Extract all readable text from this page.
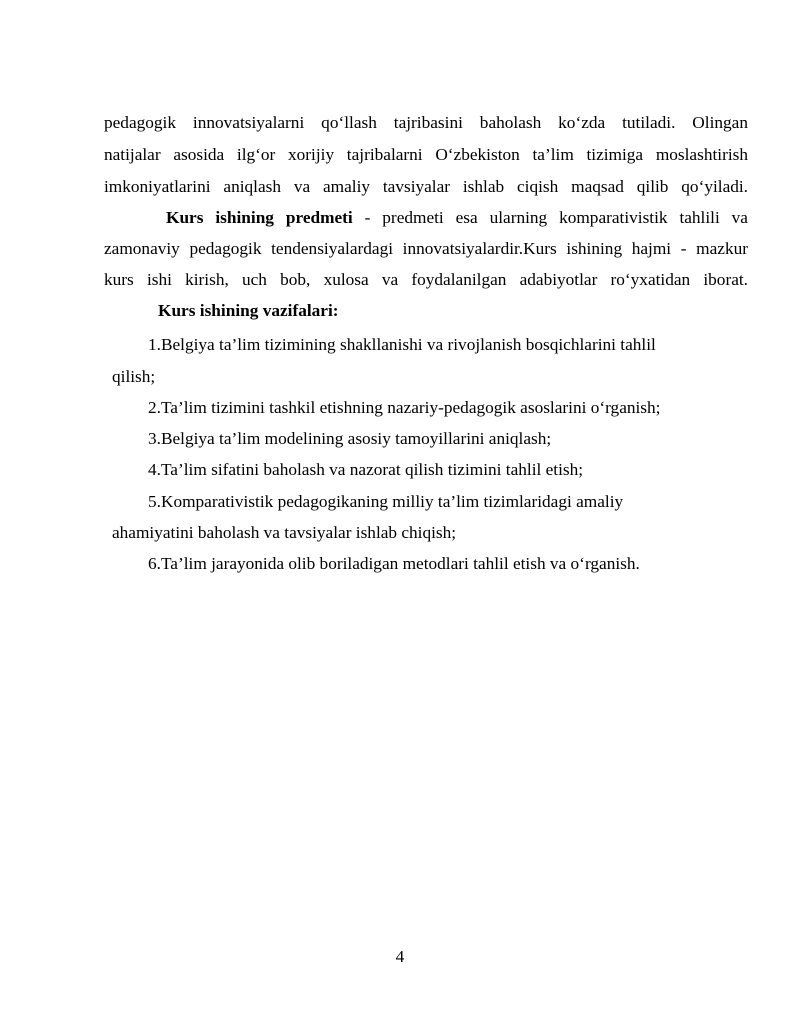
pedagogik innovatsiyalarni qo‘llash tajribasini baholash ko‘zda tutiladi. Olingan
natijalar asosida ilg‘or xorijiy tajribalarni O‘zbekiston ta’lim tizimiga moslashtirish
imkoniyatlarini aniqlash va amaliy tavsiyalar ishlab ciqish maqsad qilib qo‘yiladi.
Kurs ishining predmeti - predmeti esa ularning komparativistik tahlili va
zamonaviy pedagogik tendensiyalardagi innovatsiyalardir.Kurs ishining hajmi - mazkur
kurs ishi kirish, uch bob, xulosa va foydalanilgan adabiyotlar ro‘yxatidan iborat.
Kurs ishining vazifalari:
1.Belgiya ta’lim tizimining shakllanishi va rivojlanish bosqichlarini tahlil
qilish;
2.Ta’lim tizimini tashkil etishning nazariy-pedagogik asoslarini o‘rganish;
3.Belgiya ta’lim modelining asosiy tamoyillarini aniqlash;
4.Ta’lim sifatini baholash va nazorat qilish tizimini tahlil etish;
5.Komparativistik pedagogikaning milliy ta’lim tizimlaridagi amaliy
ahamiyatini baholash va tavsiyalar ishlab chiqish;
6.Ta’lim jarayonida olib boriladigan metodlari tahlil etish va o‘rganish.
4
